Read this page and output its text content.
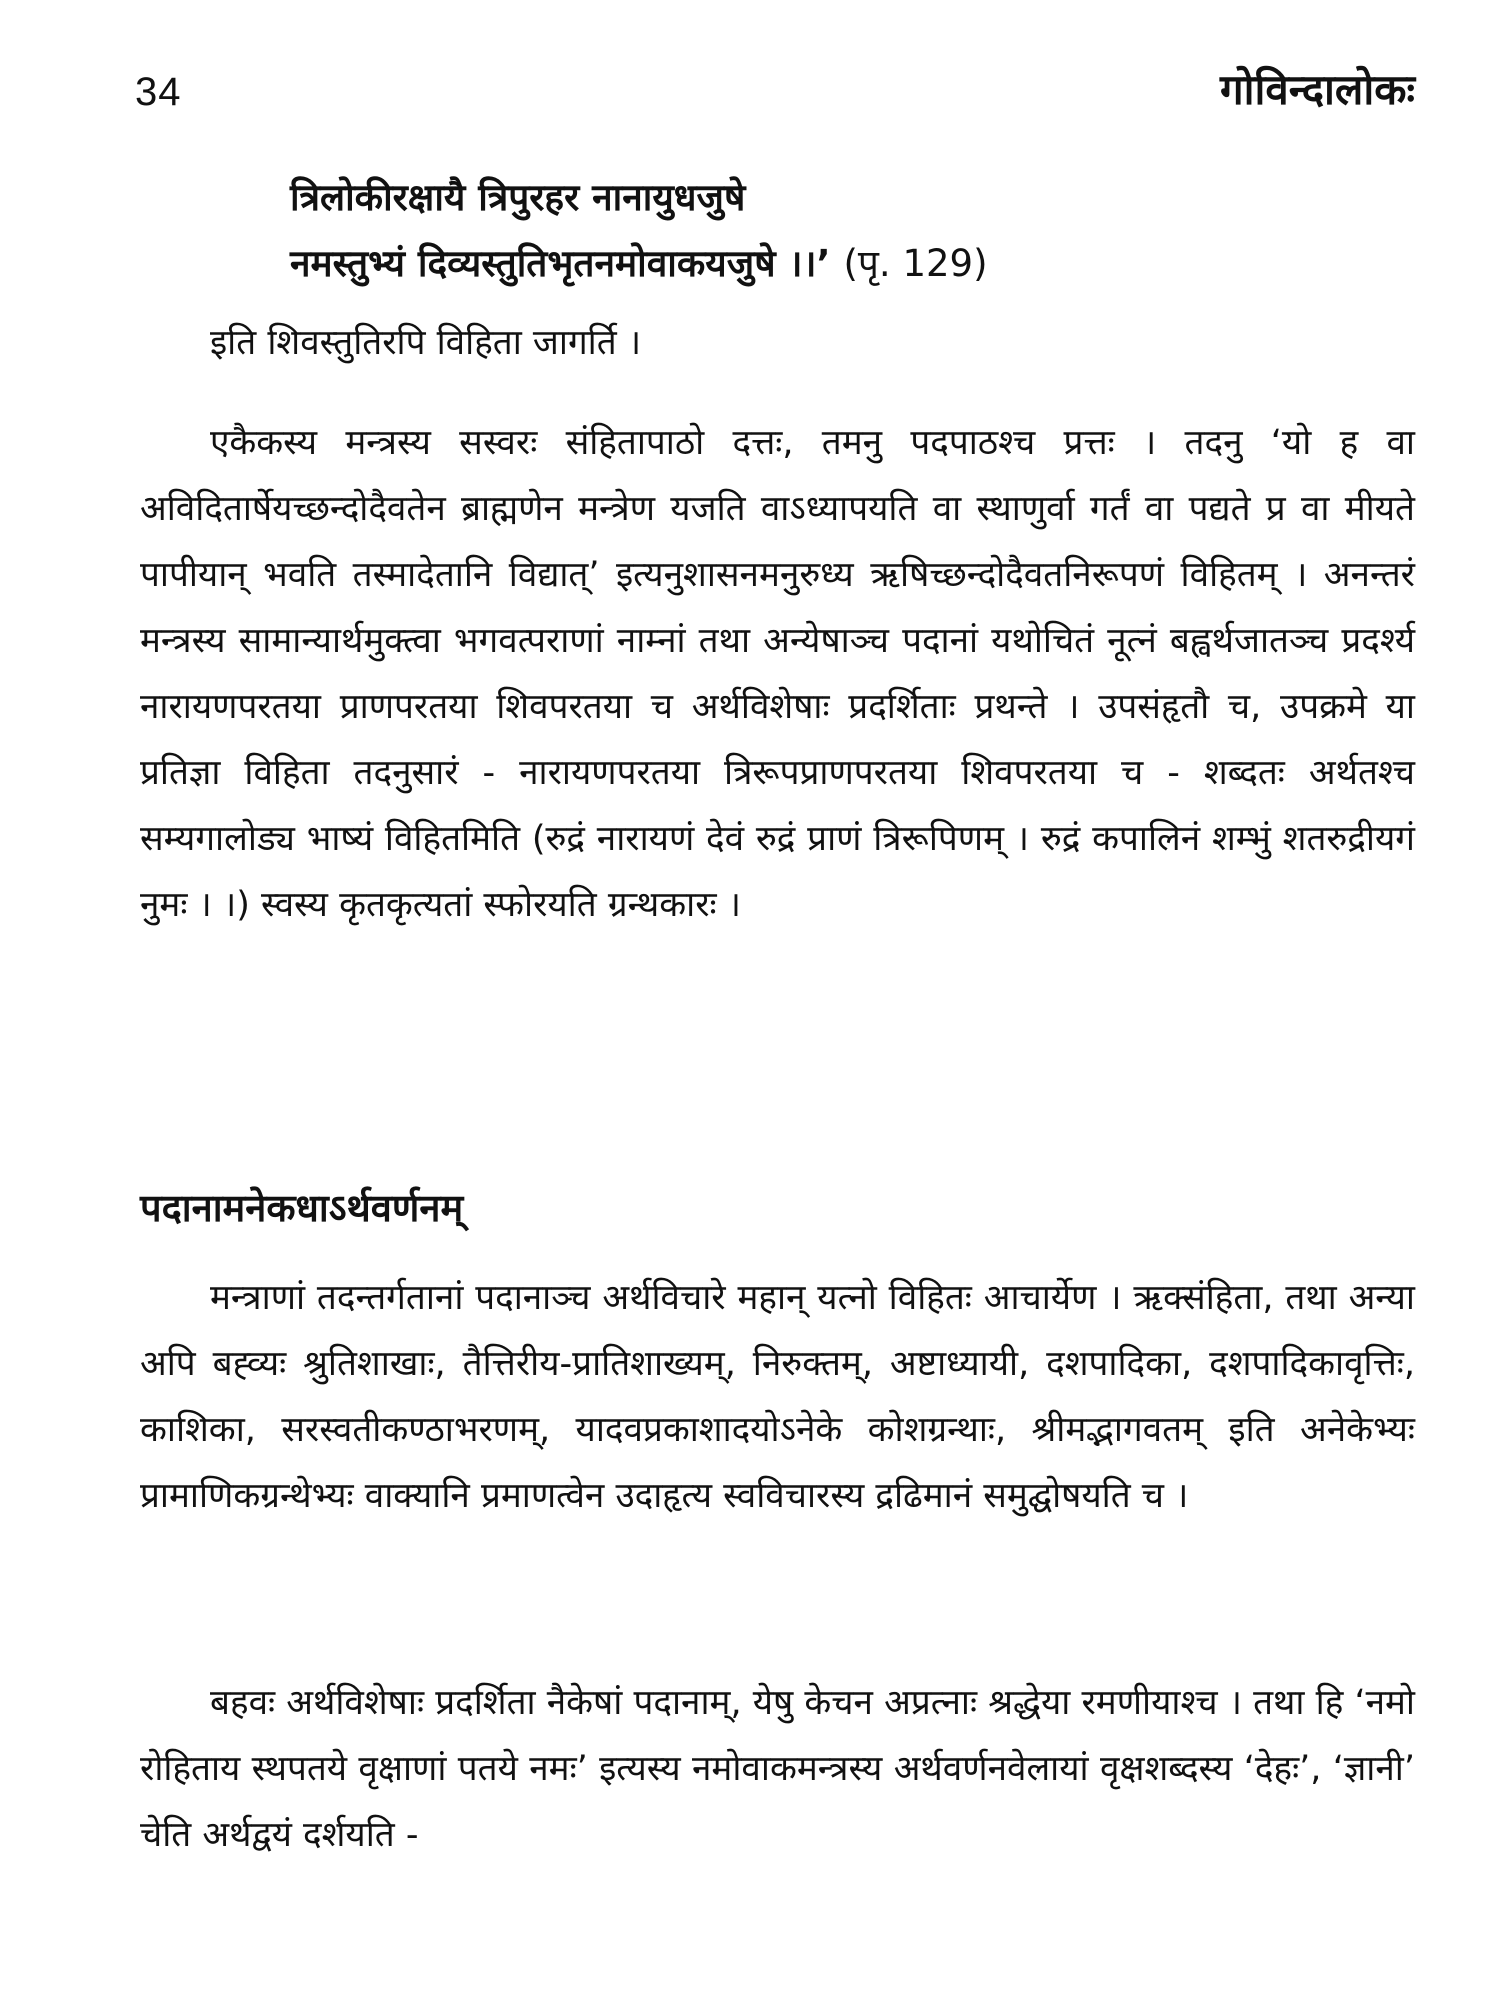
34	गोविन्दालोकः
त्रिलोकीरक्षायै त्रिपुरहर नानायुधजुषे
नमस्तुभ्यं दिव्यस्तुतिभृतनमोवाकयजुषे ।।’ (पृ. 129)

इति शिवस्तुतिरपि विहिता जागर्ति ।

एकैकस्य मन्त्रस्य सस्वरः संहितापाठो दत्तः, तमनु पदपाठश्च प्रत्तः । तदनु ‘यो ह वा अविदितार्षेयच्छन्दोदैवतेन ब्राह्मणेन मन्त्रेण यजति वाऽध्यापयति वा स्थाणुर्वा गर्तं वा पद्यते प्र वा मीयते पापीयान् भवति तस्मादेतानि विद्यात्’ इत्यनुशासनमनुरुध्य ऋषिच्छन्दोदैवतनिरूपणं विहितम् । अनन्तरं मन्त्रस्य सामान्यार्थमुक्त्वा भगवत्पराणां नाम्नां तथा अन्येषाञ्च पदानां यथोचितं नूत्नं बह्वर्थजातञ्च प्रदर्श्य नारायणपरतया प्राणपरतया शिवपरतया च अर्थविशेषाः प्रदर्शिताः प्रथन्ते । उपसंहृतौ च, उपक्रमे या प्रतिज्ञा विहिता तदनुसारं - नारायणपरतया त्रिरूपप्राणपरतया शिवपरतया च - शब्दतः अर्थतश्च सम्यगालोड्य भाष्यं विहितमिति (रुद्रं नारायणं देवं रुद्रं प्राणं त्रिरूपिणम् । रुद्रं कपालिनं शम्भुं शतरुद्रीयगं नुमः । ।) स्वस्य कृतकृत्यतां स्फोरयति ग्रन्थकारः ।

पदानामनेकधाऽर्थवर्णनम्

मन्त्राणां तदन्तर्गतानां पदानाञ्च अर्थविचारे महान् यत्नो विहितः आचार्येण । ऋक्संहिता, तथा अन्या अपि बह्व्यः श्रुतिशाखाः, तैत्तिरीय-प्रातिशाख्यम्, निरुक्तम्, अष्टाध्यायी, दशपादिका, दशपादिकावृत्तिः, काशिका, सरस्वतीकण्ठाभरणम्, यादवप्रकाशादयोऽनेके कोशग्रन्थाः, श्रीमद्भागवतम् इति अनेकेभ्यः प्रामाणिकग्रन्थेभ्यः वाक्यानि प्रमाणत्वेन उदाहृत्य स्वविचारस्य द्रढिमानं समुद्घोषयति च ।

बहवः अर्थविशेषाः प्रदर्शिता नैकेषां पदानाम्, येषु केचन अप्रत्नाः श्रद्धेया रमणीयाश्च । तथा हि ‘नमो रोहिताय स्थपतये वृक्षाणां पतये नमः’ इत्यस्य नमोवाकमन्त्रस्य अर्थवर्णनवेलायां वृक्षशब्दस्य ‘देहः’, ‘ज्ञानी’ चेति अर्थद्वयं दर्शयति -
